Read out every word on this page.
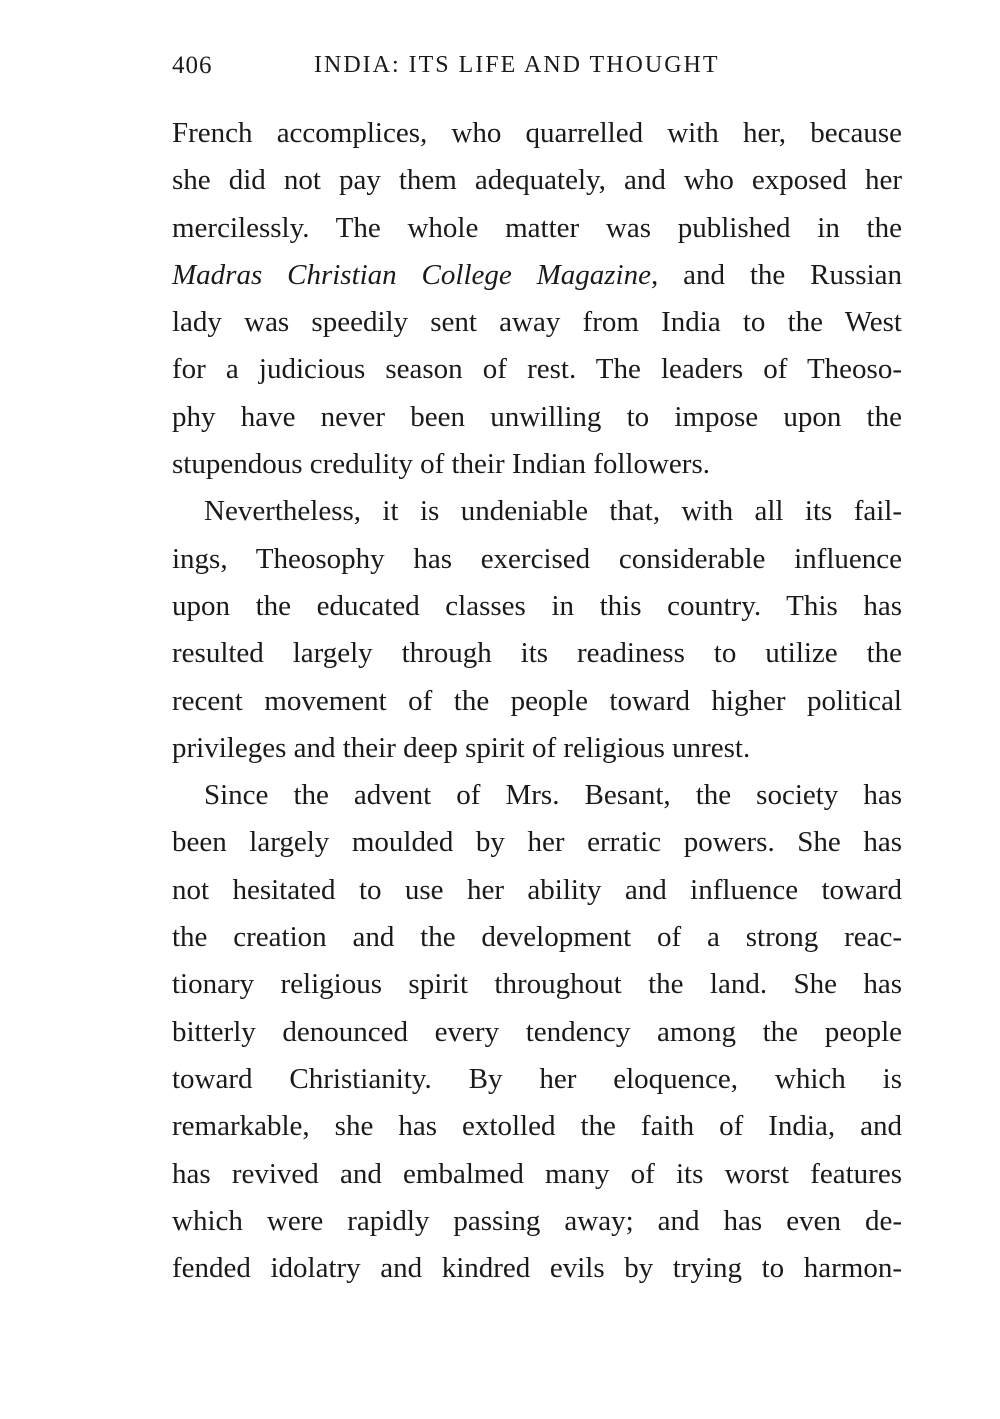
406	INDIA: ITS LIFE AND THOUGHT
French accomplices, who quarrelled with her, because
she did not pay them adequately, and who exposed her
mercilessly. The whole matter was published in the
Madras Christian College Magazine, and the Russian
lady was speedily sent away from India to the West
for a judicious season of rest. The leaders of Theoso-
phy have never been unwilling to impose upon the
stupendous credulity of their Indian followers.
Nevertheless, it is undeniable that, with all its fail-
ings, Theosophy has exercised considerable influence
upon the educated classes in this country. This has
resulted largely through its readiness to utilize the
recent movement of the people toward higher political
privileges and their deep spirit of religious unrest.
Since the advent of Mrs. Besant, the society has
been largely moulded by her erratic powers. She has
not hesitated to use her ability and influence toward
the creation and the development of a strong reac-
tionary religious spirit throughout the land. She has
bitterly denounced every tendency among the people
toward Christianity. By her eloquence, which is
remarkable, she has extolled the faith of India, and
has revived and embalmed many of its worst features
which were rapidly passing away; and has even de-
fended idolatry and kindred evils by trying to harmon-
